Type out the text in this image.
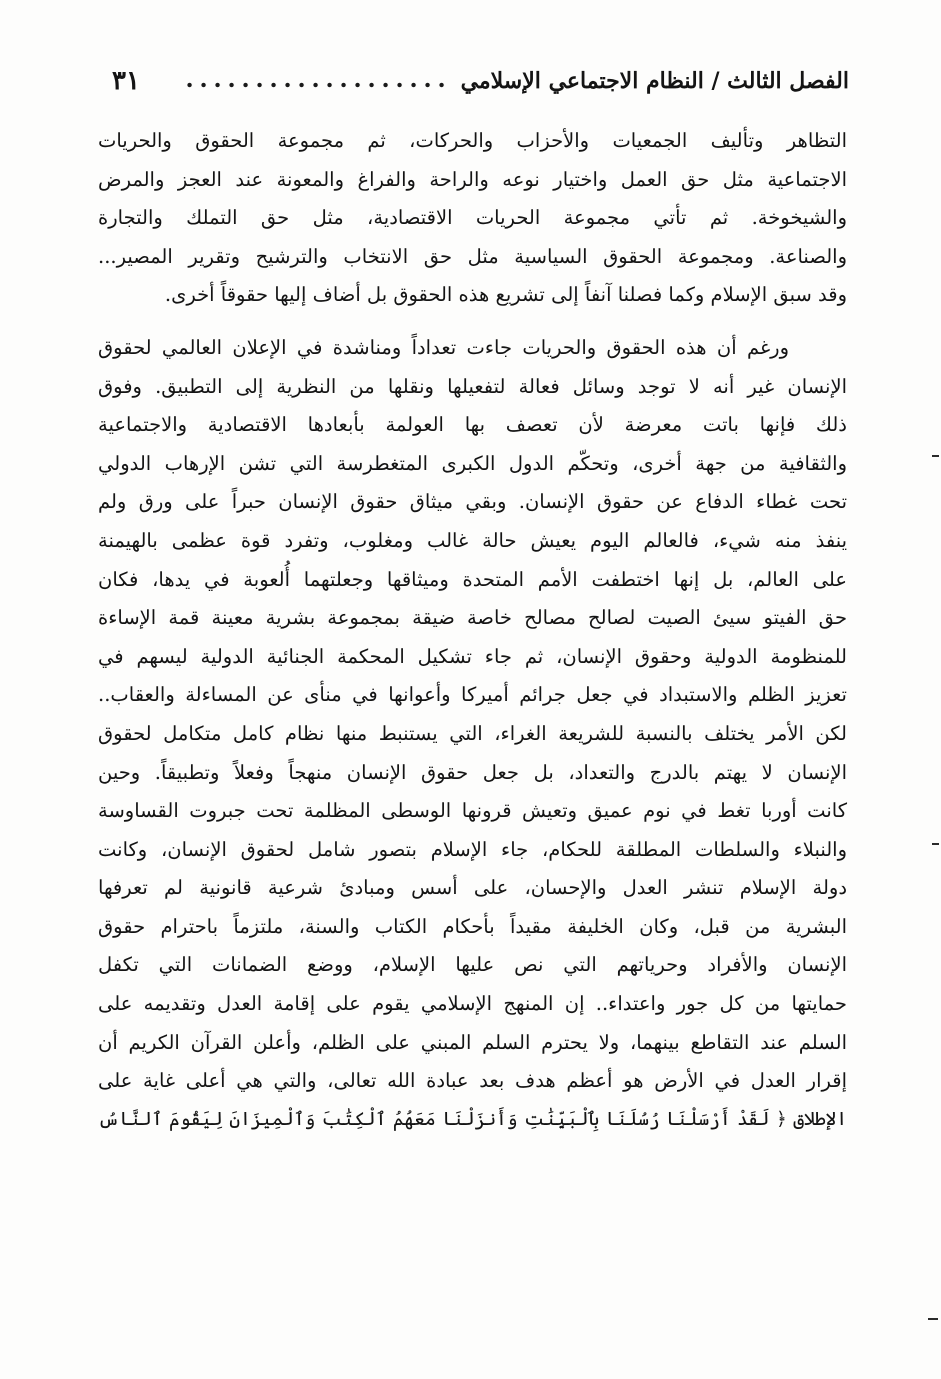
٣١	الفصل الثالث / النظام الاجتماعي الإسلامي
التظاهر وتأليف الجمعيات والأحزاب والحركات، ثم مجموعة الحقوق والحريات
الاجتماعية مثل حق العمل واختيار نوعه والراحة والفراغ والمعونة عند العجز والمرض
والشيخوخة. ثم تأتي مجموعة الحريات الاقتصادية، مثل حق التملك والتجارة
والصناعة. ومجموعة الحقوق السياسية مثل حق الانتخاب والترشيح وتقرير المصير...
وقد سبق الإسلام وكما فصلنا آنفاً إلى تشريع هذه الحقوق بل أضاف إليها حقوقاً أخرى.
ورغم أن هذه الحقوق والحريات جاءت تعداداً ومناشدة في الإعلان العالمي لحقوق
الإنسان غير أنه لا توجد وسائل فعالة لتفعيلها ونقلها من النظرية إلى التطبيق. وفوق
ذلك فإنها باتت معرضة لأن تعصف بها العولمة بأبعادها الاقتصادية والاجتماعية
والثقافية من جهة أخرى، وتحكّم الدول الكبرى المتغطرسة التي تشن الإرهاب الدولي
تحت غطاء الدفاع عن حقوق الإنسان. وبقي ميثاق حقوق الإنسان حبراً على ورق ولم
ينفذ منه شيء، فالعالم اليوم يعيش حالة غالب ومغلوب، وتفرد قوة عظمى بالهيمنة
على العالم، بل إنها اختطفت الأمم المتحدة وميثاقها وجعلتهما أُلعوبة في يدها، فكان
حق الفيتو سيئ الصيت لصالح مصالح خاصة ضيقة بمجموعة بشرية معينة قمة الإساءة
للمنظومة الدولية وحقوق الإنسان، ثم جاء تشكيل المحكمة الجنائية الدولية ليسهم في
تعزيز الظلم والاستبداد في جعل جرائم أميركا وأعوانها في منأى عن المساءلة والعقاب..
لكن الأمر يختلف بالنسبة للشريعة الغراء، التي يستنبط منها نظام كامل متكامل لحقوق
الإنسان لا يهتم بالدرج والتعداد، بل جعل حقوق الإنسان منهجاً وفعلاً وتطبيقاً. وحين
كانت أوربا تغط في نوم عميق وتعيش قرونها الوسطى المظلمة تحت جبروت القساوسة
والنبلاء والسلطات المطلقة للحكام، جاء الإسلام بتصور شامل لحقوق الإنسان، وكانت
دولة الإسلام تنشر العدل والإحسان، على أسس ومبادئ شرعية قانونية لم تعرفها
البشرية من قبل، وكان الخليفة مقيداً بأحكام الكتاب والسنة، ملتزماً باحترام حقوق
الإنسان والأفراد وحرياتهم التي نص عليها الإسلام، ووضع الضمانات التي تكفل
حمايتها من كل جور واعتداء.. إن المنهج الإسلامي يقوم على إقامة العدل وتقديمه على
السلم عند التقاطع بينهما، ولا يحترم السلم المبني على الظلم، وأعلن القرآن الكريم أن
إقرار العدل في الأرض هو أعظم هدف بعد عبادة الله تعالى، والتي هي أعلى غاية على
الإطلاق ﴿ لَقَدْ أَرْسَلْنَا رُسُلَنَا بِٱلْبَيِّنَٰتِ وَأَنزَلْنَا مَعَهُمُ ٱلْكِتَٰبَ وَٱلْمِيزَانَ لِيَقُومَ ٱلنَّاسُ
